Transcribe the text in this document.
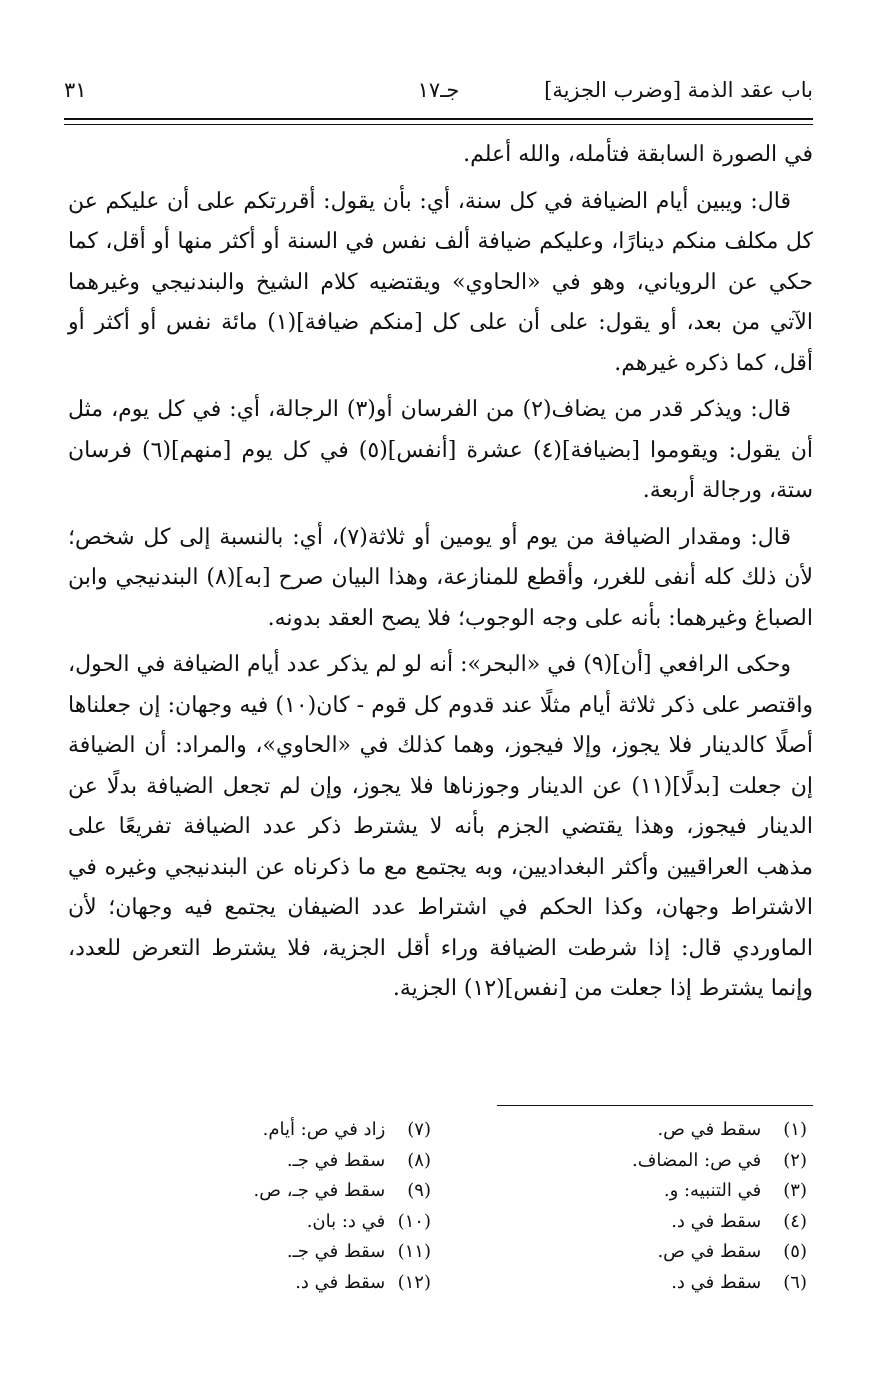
باب عقد الذمة [وضرب الجزية]
جـ١٧
٣١

في الصورة السابقة فتأمله، والله أعلم.

قال: ويبين أيام الضيافة في كل سنة، أي: بأن يقول: أقررتكم على أن عليكم عن كل مكلف منكم دينارًا، وعليكم ضيافة ألف نفس في السنة أو أكثر منها أو أقل، كما حكي عن الروياني، وهو في «الحاوي» ويقتضيه كلام الشيخ والبندنيجي وغيرهما الآتي من بعد، أو يقول: على أن على كل [منكم ضيافة](١) مائة نفس أو أكثر أو أقل، كما ذكره غيرهم.

قال: ويذكر قدر من يضاف(٢) من الفرسان أو(٣) الرجالة، أي: في كل يوم، مثل أن يقول: ويقوموا [بضيافة](٤) عشرة [أنفس](٥) في كل يوم [منهم](٦) فرسان ستة، ورجالة أربعة.

قال: ومقدار الضيافة من يوم أو يومين أو ثلاثة(٧)، أي: بالنسبة إلى كل شخص؛ لأن ذلك كله أنفى للغرر، وأقطع للمنازعة، وهذا البيان صرح [به](٨) البندنيجي وابن الصباغ وغيرهما: بأنه على وجه الوجوب؛ فلا يصح العقد بدونه.

وحكى الرافعي [أن](٩) في «البحر»: أنه لو لم يذكر عدد أيام الضيافة في الحول، واقتصر على ذكر ثلاثة أيام مثلًا عند قدوم كل قوم - كان(١٠) فيه وجهان: إن جعلناها أصلًا كالدينار فلا يجوز، وإلا فيجوز، وهما كذلك في «الحاوي»، والمراد: أن الضيافة إن جعلت [بدلًا](١١) عن الدينار وجوزناها فلا يجوز، وإن لم تجعل الضيافة بدلًا عن الدينار فيجوز، وهذا يقتضي الجزم بأنه لا يشترط ذكر عدد الضيافة تفريعًا على مذهب العراقيين وأكثر البغداديين، وبه يجتمع مع ما ذكرناه عن البندنيجي وغيره في الاشتراط وجهان، وكذا الحكم في اشتراط عدد الضيفان يجتمع فيه وجهان؛ لأن الماوردي قال: إذا شرطت الضيافة وراء أقل الجزية، فلا يشترط التعرض للعدد، وإنما يشترط إذا جعلت من [نفس](١٢) الجزية.

(١) سقط في ص.
(٢) في ص: المضاف.
(٣) في التنبيه: و.
(٤) سقط في د.
(٥) سقط في ص.
(٦) سقط في د.
(٧) زاد في ص: أيام.
(٨) سقط في جـ.
(٩) سقط في جـ، ص.
(١٠) في د: بان.
(١١) سقط في جـ.
(١٢) سقط في د.
